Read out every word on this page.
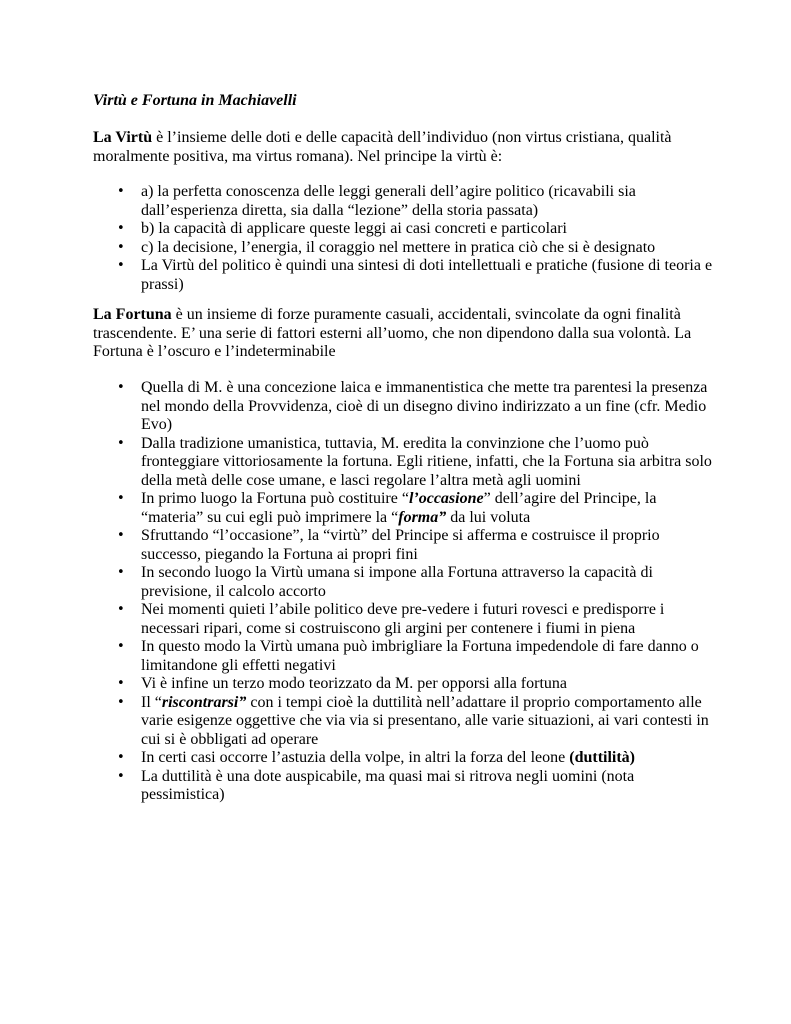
Virtù e Fortuna in Machiavelli

La Virtù è l’insieme delle doti e delle capacità dell’individuo (non virtus cristiana, qualità moralmente positiva, ma virtus romana). Nel principe la virtù è:

• a) la perfetta conoscenza delle leggi generali dell’agire politico (ricavabili sia dall’esperienza diretta, sia dalla “lezione” della storia passata)
• b) la capacità di applicare queste leggi ai casi concreti e particolari
• c) la decisione, l’energia, il coraggio nel mettere in pratica ciò che si è designato
• La Virtù del politico è quindi una sintesi di doti intellettuali e pratiche (fusione di teoria e prassi)

La Fortuna è un insieme di forze puramente casuali, accidentali, svincolate da ogni finalità trascendente. E’ una serie di fattori esterni all’uomo, che non dipendono dalla sua volontà. La Fortuna è l’oscuro e l’indeterminabile

• Quella di M. è una concezione laica e immanentistica che mette tra parentesi la presenza nel mondo della Provvidenza, cioè di un disegno divino indirizzato a un fine (cfr. Medio Evo)
• Dalla tradizione umanistica, tuttavia, M. eredita la convinzione che l’uomo può fronteggiare vittoriosamente la fortuna. Egli ritiene, infatti, che la Fortuna sia arbitra solo della metà delle cose umane, e lasci regolare l’altra metà agli uomini
• In primo luogo la Fortuna può costituire “l’occasione” dell’agire del Principe, la “materia” su cui egli può imprimere la “forma” da lui voluta
• Sfruttando “l’occasione”, la “virtù” del Principe si afferma e costruisce il proprio successo, piegando la Fortuna ai propri fini
• In secondo luogo la Virtù umana si impone alla Fortuna attraverso la capacità di previsione, il calcolo accorto
• Nei momenti quieti l’abile politico deve pre-vedere i futuri rovesci e predisporre i necessari ripari, come si costruiscono gli argini per contenere i fiumi in piena
• In questo modo la Virtù umana può imbrigliare la Fortuna impedendole di fare danno o limitandone gli effetti negativi
• Vi è infine un terzo modo teorizzato da M. per opporsi alla fortuna
• Il “riscontrarsi” con i tempi cioè la duttilità nell’adattare il proprio comportamento alle varie esigenze oggettive che via via si presentano, alle varie situazioni, ai vari contesti in cui si è obbligati ad operare
• In certi casi occorre l’astuzia della volpe, in altri la forza del leone (duttilità)
• La duttilità è una dote auspicabile, ma quasi mai si ritrova negli uomini (nota pessimistica)
